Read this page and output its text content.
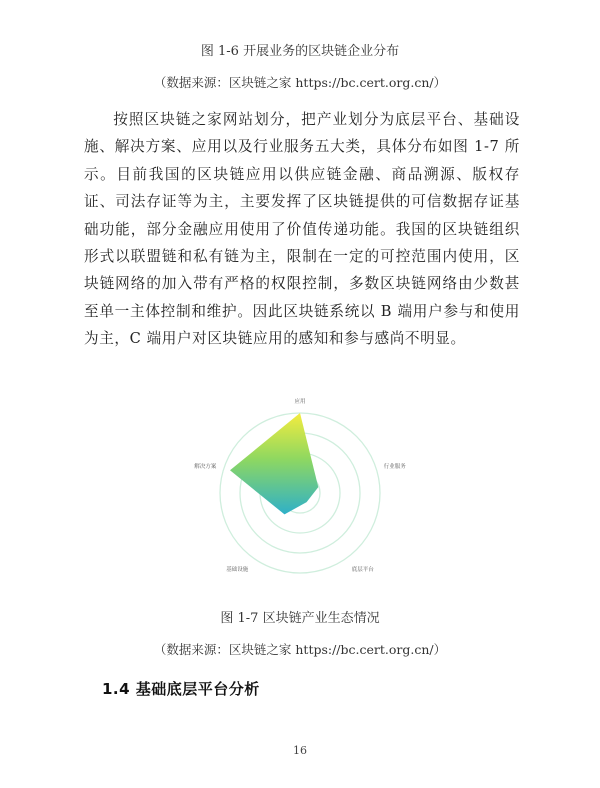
图 1-6 开展业务的区块链企业分布
（数据来源：区块链之家 https://bc.cert.org.cn/）

按照区块链之家网站划分，把产业划分为底层平台、基础设施、解决方案、应用以及行业服务五大类，具体分布如图 1-7 所示。目前我国的区块链应用以供应链金融、商品溯源、版权存证、司法存证等为主，主要发挥了区块链提供的可信数据存证基础功能，部分金融应用使用了价值传递功能。我国的区块链组织形式以联盟链和私有链为主，限制在一定的可控范围内使用，区块链网络的加入带有严格的权限控制，多数区块链网络由少数甚至单一主体控制和维护。因此区块链系统以 B 端用户参与和使用为主，C 端用户对区块链应用的感知和参与感尚不明显。

应用
行业服务
底层平台
基础设施
解决方案
图 1-7 区块链产业生态情况
（数据来源：区块链之家 https://bc.cert.org.cn/）
1.4 基础底层平台分析
16
